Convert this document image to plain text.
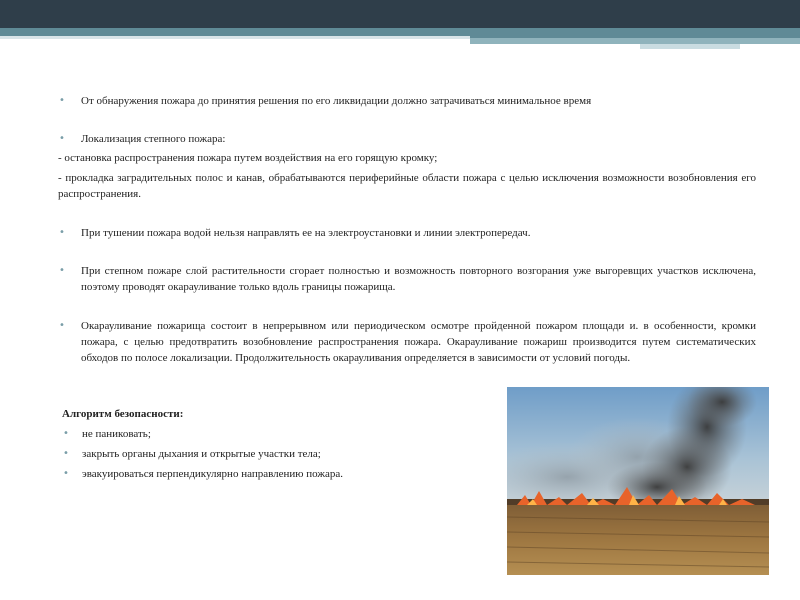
• От обнаружения пожара до принятия решения по его ликвидации должно затрачиваться минимальное время
• Локализация степного пожара:
- остановка распространения пожара путем воздействия на его горящую кромку;
- прокладка заградительных полос и канав, обрабатываются периферийные области пожара с целью исключения возможности возобновления его распространения.
• При тушении пожара водой нельзя направлять ее на электроустановки и линии электропередач.
• При степном пожаре слой растительности сгорает полностью и возможность повторного возгорания уже выгоревщих участков исключена, поэтому проводят окарауливание только вдоль границы пожарища.
• Окарауливание пожарища состоит в непрерывном или периодическом осмотре пройденной пожаром площади и. в особенности, кромки пожара, с целью предотвратить возобновление распространения пожара. Окарауливание пожариш производится путем систематических обходов по полосе локализации. Продолжительность окарауливания определяется в зависимости от условий погоды.
Алгоритм безопасности:
• не паниковать;
• закрыть органы дыхания и открытые участки тела;
• эвакуироваться перпендикулярно направлению пожара.
